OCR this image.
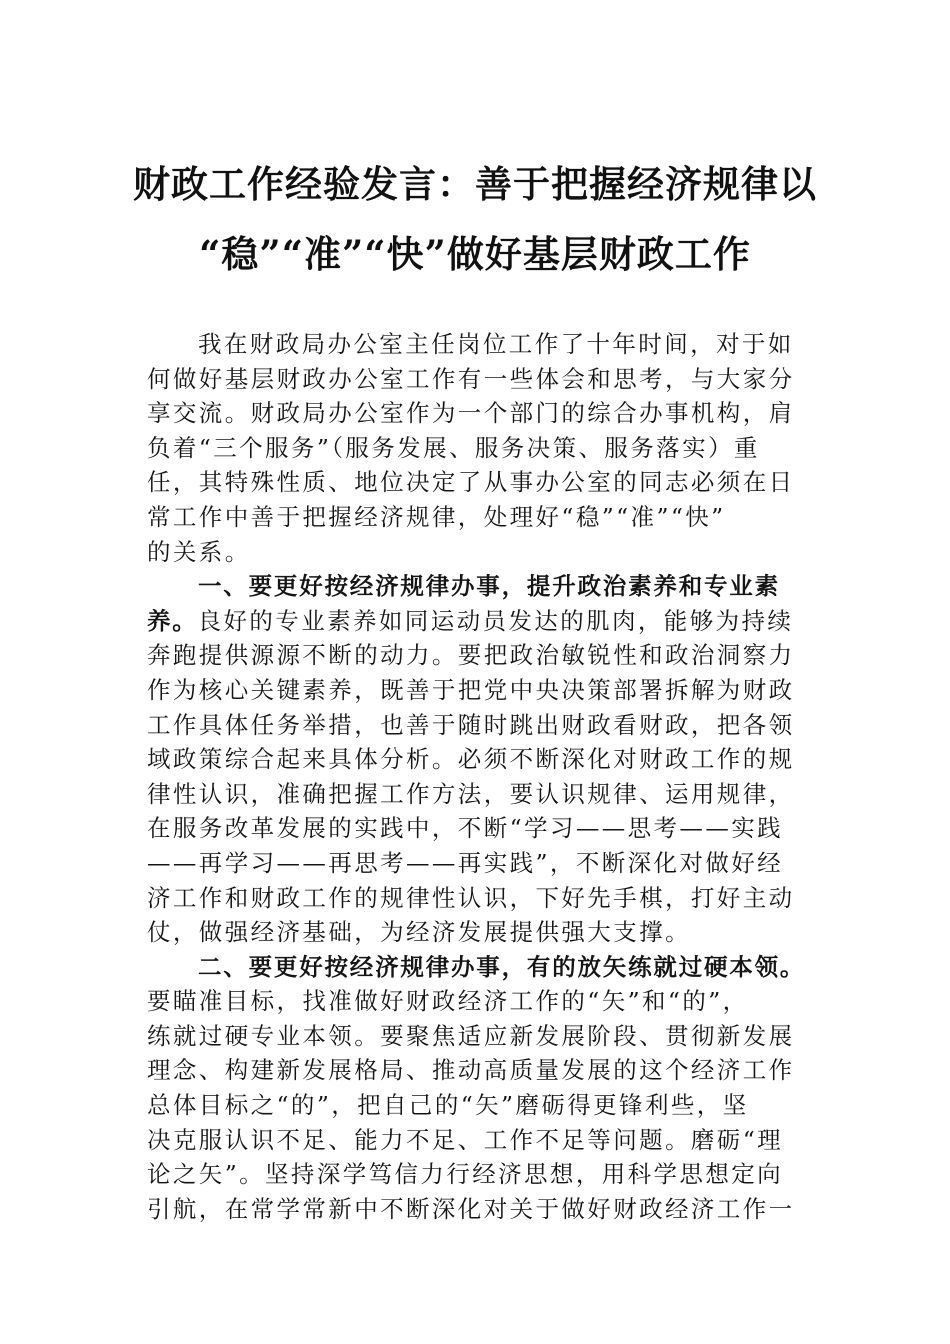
财政工作经验发言：善于把握经济规律以
“稳”“准”“快”做好基层财政工作
我在财政局办公室主任岗位工作了十年时间，对于如
何做好基层财政办公室工作有一些体会和思考，与大家分
享交流。财政局办公室作为一个部门的综合办事机构，肩
负着“三个服务”（服务发展、服务决策、服务落实）重
任，其特殊性质、地位决定了从事办公室的同志必须在日
常工作中善于把握经济规律，处理好“稳”“准”“快”
的关系。
一、要更好按经济规律办事，提升政治素养和专业素
养。良好的专业素养如同运动员发达的肌肉，能够为持续
奔跑提供源源不断的动力。要把政治敏锐性和政治洞察力
作为核心关键素养，既善于把党中央决策部署拆解为财政
工作具体任务举措，也善于随时跳出财政看财政，把各领
域政策综合起来具体分析。必须不断深化对财政工作的规
律性认识，准确把握工作方法，要认识规律、运用规律，
在服务改革发展的实践中，不断“学习——思考——实践
——再学习——再思考——再实践”，不断深化对做好经
济工作和财政工作的规律性认识，下好先手棋，打好主动
仗，做强经济基础，为经济发展提供强大支撑。
二、要更好按经济规律办事，有的放矢练就过硬本领。
要瞄准目标，找准做好财政经济工作的“矢”和“的”，
练就过硬专业本领。要聚焦适应新发展阶段、贯彻新发展
理念、构建新发展格局、推动高质量发展的这个经济工作
总体目标之“的”，把自己的“矢”磨砺得更锋利些，坚
决克服认识不足、能力不足、工作不足等问题。磨砺“理
论之矢”。坚持深学笃信力行经济思想，用科学思想定向
引航，在常学常新中不断深化对关于做好财政经济工作一
